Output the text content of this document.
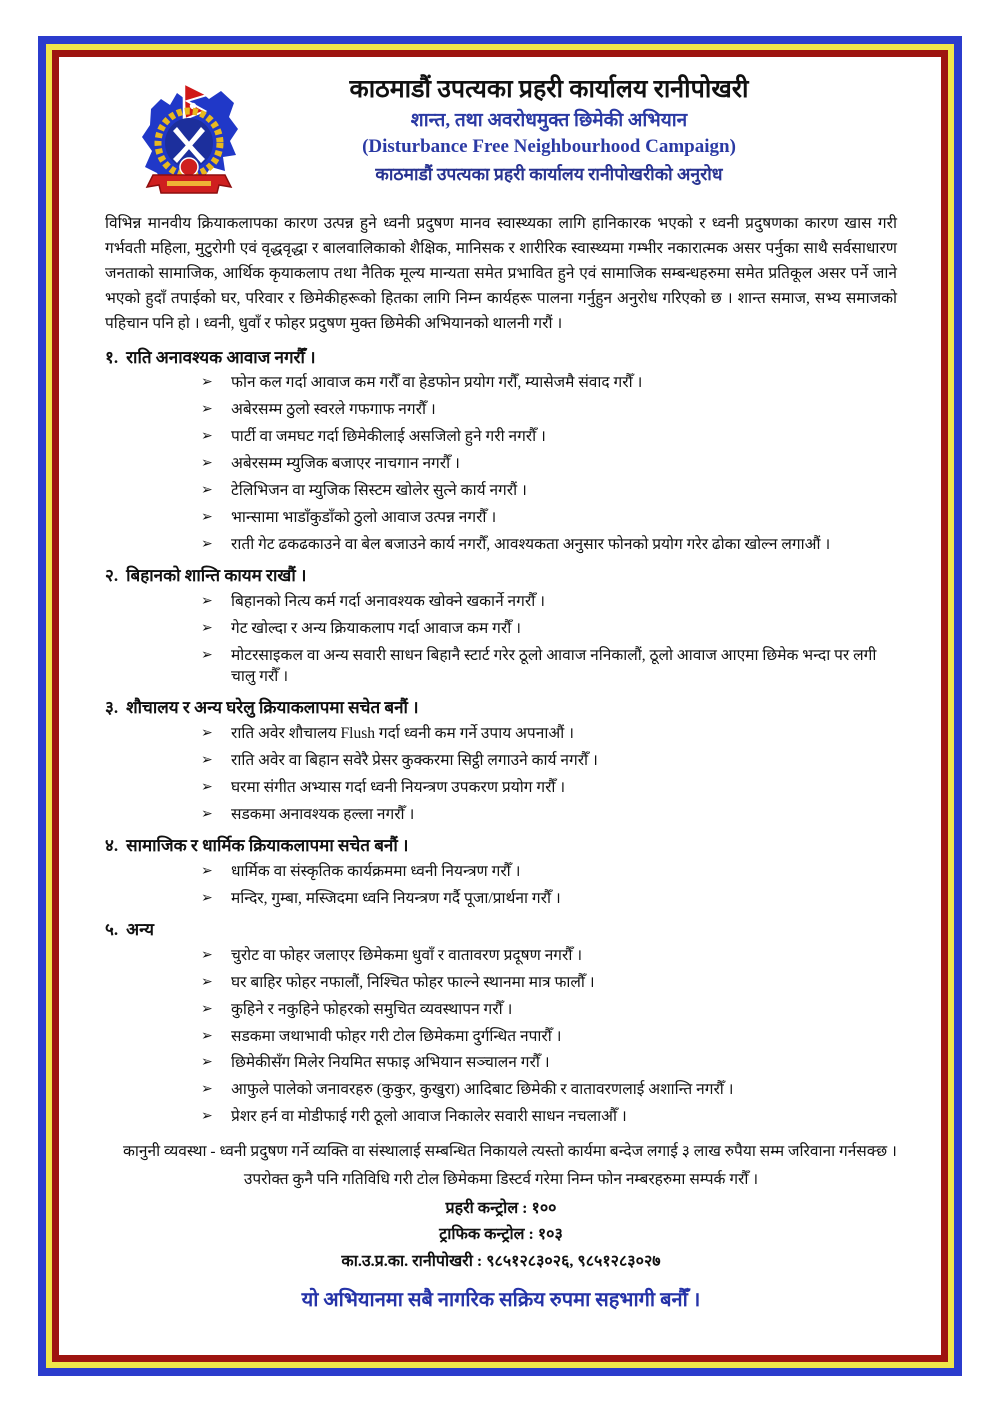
काठमाडौं उपत्यका प्रहरी कार्यालय रानीपोखरी
शान्त, तथा अवरोधमुक्त छिमेकी अभियान
(Disturbance Free Neighbourhood Campaign)
काठमाडौं उपत्यका प्रहरी कार्यालय रानीपोखरीको अनुरोध

विभिन्न मानवीय क्रियाकलापका कारण उत्पन्न हुने ध्वनी प्रदुषण मानव स्वास्थ्यका लागि हानिकारक भएको र ध्वनी प्रदुषणका कारण खास गरी गर्भवती महिला, मुटुरोगी एवं वृद्धवृद्धा र बालवालिकाको शैक्षिक, मानिसक र शारीरिक स्वास्थ्यमा गम्भीर नकारात्मक असर पर्नुका साथै सर्वसाधारण जनताको सामाजिक, आर्थिक कृयाकलाप तथा नैतिक मूल्य मान्यता समेत प्रभावित हुने एवं सामाजिक सम्बन्धहरुमा समेत प्रतिकूल असर पर्ने जाने भएको हुदाँ तपाईको घर, परिवार र छिमेकीहरूको हितका लागि निम्न कार्यहरू पालना गर्नुहुन अनुरोध गरिएको छ । शान्त समाज, सभ्य समाजको पहिचान पनि हो । ध्वनी, धुवाँ र फोहर प्रदुषण मुक्त छिमेकी अभियानको थालनी गरौं ।

१. राति अनावश्यक आवाज नगरौँ ।
➢	फोन कल गर्दा आवाज कम गरौँ वा हेडफोन प्रयोग गरौँ, म्यासेजमै संवाद गरौँ ।
➢	अबेरसम्म ठुलो स्वरले गफगाफ नगरौँ ।
➢	पार्टी वा जमघट गर्दा छिमेकीलाई असजिलो हुने गरी नगरौँ ।
➢	अबेरसम्म म्युजिक बजाएर नाचगान नगरौँ ।
➢	टेलिभिजन वा म्युजिक सिस्टम खोलेर सुत्ने कार्य नगरौं ।
➢	भान्सामा भाडाँकुडाँको ठुलो आवाज उत्पन्न नगरौँ ।
➢	राती गेट ढकढकाउने वा बेल बजाउने कार्य नगरौँ, आवश्यकता अनुसार फोनको प्रयोग गरेर ढोका खोल्न लगाऔं ।
२. बिहानको शान्ति कायम राखौं ।
➢	बिहानको नित्य कर्म गर्दा अनावश्यक खोक्ने खकार्ने नगरौँ ।
➢	गेट खोल्दा र अन्य क्रियाकलाप गर्दा आवाज कम गरौँ ।
➢	मोटरसाइकल वा अन्य सवारी साधन बिहानै स्टार्ट गरेर ठूलो आवाज ननिकालौं, ठूलो आवाज आएमा छिमेक भन्दा पर लगी चालु गरौँ ।
३. शौचालय र अन्य घरेलु क्रियाकलापमा सचेत बनौं ।
➢	राति अवेर शौचालय Flush गर्दा ध्वनी कम गर्ने उपाय अपनाऔं ।
➢	राति अवेर वा बिहान सवेरै प्रेसर कुक्करमा सिट्ठी लगाउने कार्य नगरौँ ।
➢	घरमा संगीत अभ्यास गर्दा ध्वनी नियन्त्रण उपकरण प्रयोग गरौँ ।
➢	सडकमा अनावश्यक हल्ला नगरौँ ।
४. सामाजिक र धार्मिक क्रियाकलापमा सचेत बनौं ।
➢	धार्मिक वा संस्कृतिक कार्यक्रममा ध्वनी नियन्त्रण गरौँ ।
➢	मन्दिर, गुम्बा, मस्जिदमा ध्वनि नियन्त्रण गर्दै पूजा/प्रार्थना गरौँ ।
५. अन्य
➢	चुरोट वा फोहर जलाएर छिमेकमा धुवाँ र वातावरण प्रदूषण नगरौँ ।
➢	घर बाहिर फोहर नफालौं, निश्चित फोहर फाल्ने स्थानमा मात्र फालौँ ।
➢	कुहिने र नकुहिने फोहरको समुचित व्यवस्थापन गरौँ ।
➢	सडकमा जथाभावी फोहर गरी टोल छिमेकमा दुर्गन्धित नपारौँ ।
➢	छिमेकीसँग मिलेर नियमित सफाइ अभियान सञ्चालन गरौँ ।
➢	आफुले पालेको जनावरहरु (कुकुर, कुखुरा) आदिबाट छिमेकी र वातावरणलाई अशान्ति नगरौँ ।
➢	प्रेशर हर्न वा मोडीफाई गरी ठूलो आवाज निकालेर सवारी साधन नचलाऔँ ।

कानुनी व्यवस्था - ध्वनी प्रदुषण गर्ने व्यक्ति वा संस्थालाई सम्बन्धित निकायले त्यस्तो कार्यमा बन्देज लगाई ३ लाख रुपैया सम्म जरिवाना गर्नसक्छ ।

उपरोक्त कुनै पनि गतिविधि गरी टोल छिमेकमा डिस्टर्व गरेमा निम्न फोन नम्बरहरुमा सम्पर्क गरौँ ।

प्रहरी कन्ट्रोल : १००
ट्राफिक कन्ट्रोल : १०३
का.उ.प्र.का. रानीपोखरी : ९८५१२८३०२६, ९८५१२८३०२७

यो अभियानमा सबै नागरिक सक्रिय रुपमा सहभागी बनौँ ।
